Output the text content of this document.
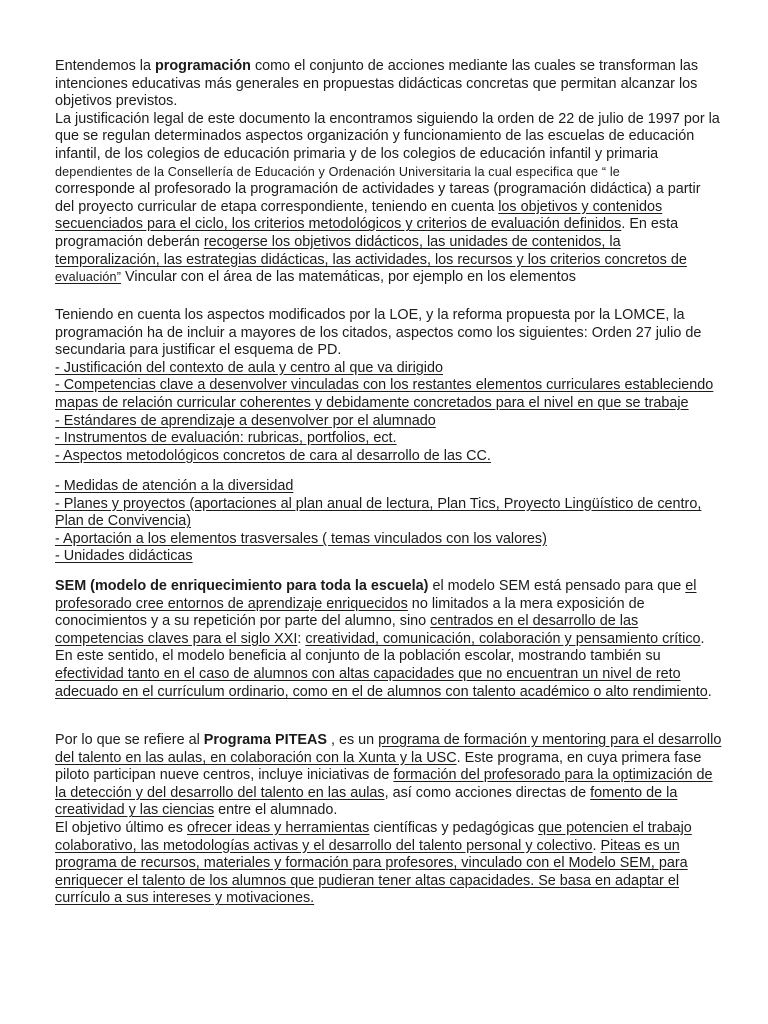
Entendemos la programación como el conjunto de acciones mediante las cuales se transforman las
intenciones educativas más generales en propuestas didácticas concretas que permitan alcanzar los
objetivos previstos.
La justificación legal de este documento la encontramos siguiendo la orden de 22 de julio de 1997 por la
que se regulan determinados aspectos organización y funcionamiento de las escuelas de educación
infantil, de los colegios de educación primaria y de los colegios de educación infantil y primaria
dependientes de la Consellería de Educación y Ordenación Universitaria la cual especifica que “ le
corresponde al profesorado la programación de actividades y tareas (programación didáctica) a partir
del proyecto curricular de etapa correspondiente, teniendo en cuenta los objetivos y contenidos
secuenciados para el ciclo, los criterios metodológicos y criterios de evaluación definidos. En esta
programación deberán recogerse los objetivos didácticos, las unidades de contenidos, la
temporalización, las estrategias didácticas, las actividades, los recursos y los criterios concretos de
evaluación” Vincular con el área de las matemáticas, por ejemplo en los elementos
Teniendo en cuenta los aspectos modificados por la LOE, y la reforma propuesta por la LOMCE, la
programación ha de incluir a mayores de los citados, aspectos como los siguientes: Orden 27 julio de
secundaria para justificar el esquema de PD.
- Justificación del contexto de aula y centro al que va dirigido
- Competencias clave a desenvolver vinculadas con los restantes elementos curriculares estableciendo
mapas de relación curricular coherentes y debidamente concretados para el nivel en que se trabaje
- Estándares de aprendizaje a desenvolver por el alumnado
- Instrumentos de evaluación: rubricas, portfolios, ect.
- Aspectos metodológicos concretos de cara al desarrollo de las CC.
- Medidas de atención a la diversidad
- Planes y proyectos (aportaciones al plan anual de lectura, Plan Tics, Proyecto Lingüístico de centro,
Plan de Convivencia)
- Aportación a los elementos trasversales ( temas vinculados con los valores)
- Unidades didácticas
SEM (modelo de enriquecimiento para toda la escuela) el modelo SEM está pensado para que el
profesorado cree entornos de aprendizaje enriquecidos no limitados a la mera exposición de
conocimientos y a su repetición por parte del alumno, sino centrados en el desarrollo de las
competencias claves para el siglo XXI: creatividad, comunicación, colaboración y pensamiento crítico.
En este sentido, el modelo beneficia al conjunto de la población escolar, mostrando también su
efectividad tanto en el caso de alumnos con altas capacidades que no encuentran un nivel de reto
adecuado en el currículum ordinario, como en el de alumnos con talento académico o alto rendimiento.
Por lo que se refiere al Programa PITEAS , es un programa de formación y mentoring para el desarrollo
del talento en las aulas, en colaboración con la Xunta y la USC. Este programa, en cuya primera fase
piloto participan nueve centros, incluye iniciativas de formación del profesorado para la optimización de
la detección y del desarrollo del talento en las aulas, así como acciones directas de fomento de la
creatividad y las ciencias entre el alumnado.
El objetivo último es ofrecer ideas y herramientas científicas y pedagógicas que potencien el trabajo
colaborativo, las metodologías activas y el desarrollo del talento personal y colectivo. Piteas es un
programa de recursos, materiales y formación para profesores, vinculado con el Modelo SEM, para
enriquecer el talento de los alumnos que pudieran tener altas capacidades. Se basa en adaptar el
currículo a sus intereses y motivaciones.
